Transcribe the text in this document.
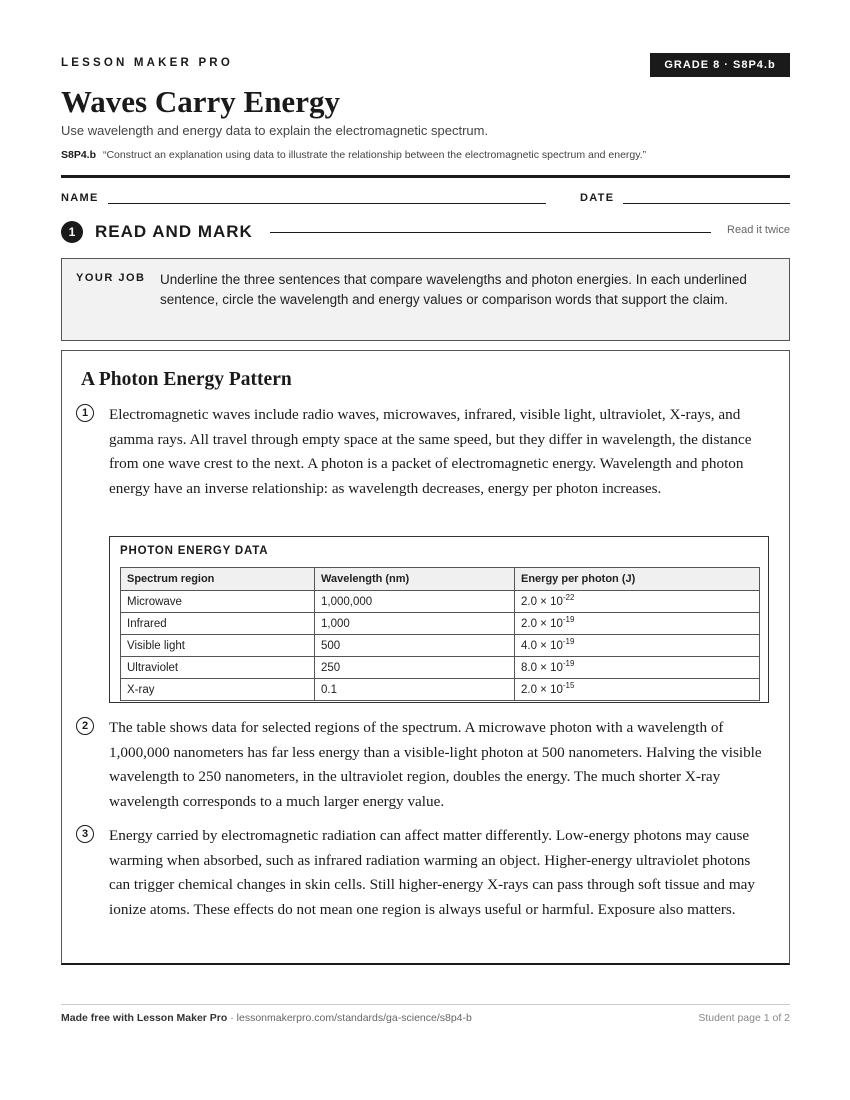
LESSON MAKER PRO	GRADE 8 · S8P4.b
Waves Carry Energy
Use wavelength and energy data to explain the electromagnetic spectrum.
S8P4.b “Construct an explanation using data to illustrate the relationship between the electromagnetic spectrum and energy.”
NAME	DATE
1	READ AND MARK	Read it twice
YOUR JOB Underline the three sentences that compare wavelengths and photon energies. In each underlined sentence, circle the wavelength and energy values or comparison words that support the claim.
A Photon Energy Pattern
1	Electromagnetic waves include radio waves, microwaves, infrared, visible light, ultraviolet, X-rays, and gamma rays. All travel through empty space at the same speed, but they differ in wavelength, the distance from one wave crest to the next. A photon is a packet of electromagnetic energy. Wavelength and photon energy have an inverse relationship: as wavelength decreases, energy per photon increases.

PHOTON ENERGY DATA
Spectrum region	Wavelength (nm)	Energy per photon (J)
Microwave	1,000,000	$2.0 \times 10^{-22}$
Infrared	1,000	$2.0 \times 10^{-19}$
Visible light	500	$4.0 \times 10^{-19}$
Ultraviolet	250	$8.0 \times 10^{-19}$
X-ray	0.1	$2.0 \times 10^{-15}$
2	The table shows data for selected regions of the spectrum. A microwave photon with a wavelength of 1,000,000 nanometers has far less energy than a visible-light photon at 500 nanometers. Halving the visible wavelength to 250 nanometers, in the ultraviolet region, doubles the energy. The much shorter X-ray wavelength corresponds to a much larger energy value.

3	Energy carried by electromagnetic radiation can affect matter differently. Low-energy photons may cause warming when absorbed, such as infrared radiation warming an object. Higher-energy ultraviolet photons can trigger chemical changes in skin cells. Still higher-energy X-rays can pass through soft tissue and may ionize atoms. These effects do not mean one region is always useful or harmful. Exposure also matters.

Made free with Lesson Maker Pro · lessonmakerpro.com/standards/ga-science/s8p4-b	Student page 1 of 2
